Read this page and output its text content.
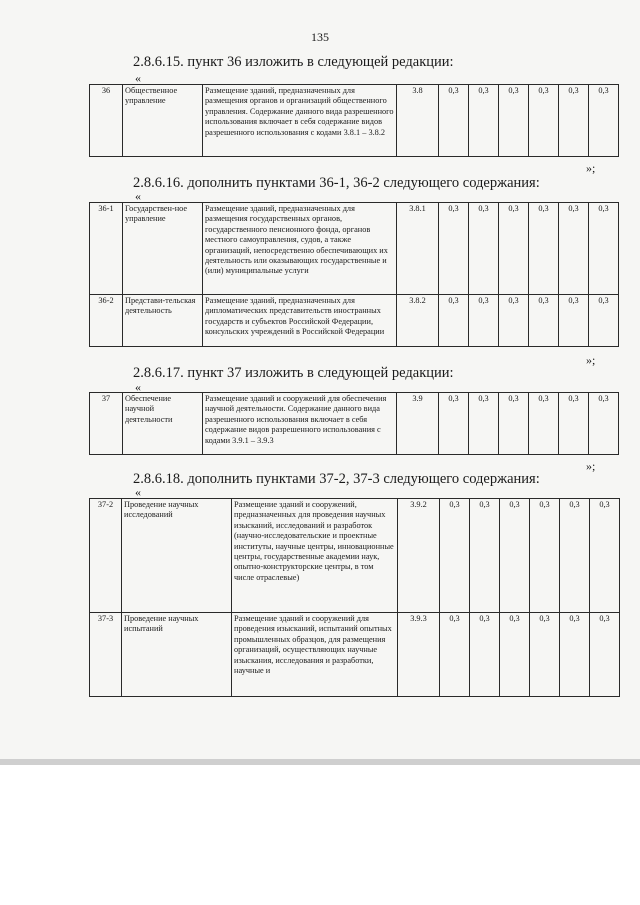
135
2.8.6.15. пункт 36 изложить в следующей редакции:
«
36	Общественное управление	Размещение зданий, предназначенных для размещения органов и организаций общественного управления. Содержание данного вида разрешенного использования включает в себя содержание видов разрешенного использования с кодами 3.8.1 – 3.8.2	3.8	0,3	0,3	0,3	0,3	0,3	0,3
»;
2.8.6.16. дополнить пунктами 36-1, 36-2 следующего содержания:
«
36-1	Государствен-ное управление	Размещение зданий, предназначенных для размещения государственных органов, государственного пенсионного фонда, органов местного самоуправления, судов, а также организаций, непосредственно обеспечивающих их деятельность или оказывающих государственные и (или) муниципальные услуги	3.8.1	0,3	0,3	0,3	0,3	0,3	0,3
36-2	Представи-тельская деятельность	Размещение зданий, предназначенных для дипломатических представительств иностранных государств и субъектов Российской Федерации, консульских учреждений в Российской Федерации	3.8.2	0,3	0,3	0,3	0,3	0,3	0,3
»;
2.8.6.17. пункт 37 изложить в следующей редакции:
«
37	Обеспечение научной деятельности	Размещение зданий и сооружений для обеспечения научной деятельности. Содержание данного вида разрешенного использования включает в себя содержание видов разрешенного использования с кодами 3.9.1 – 3.9.3	3.9	0,3	0,3	0,3	0,3	0,3	0,3
»;
2.8.6.18. дополнить пунктами 37-2, 37-3 следующего содержания:
«
37-2	Проведение научных исследований	Размещение зданий и сооружений, предназначенных для проведения научных изысканий, исследований и разработок (научно-исследовательские и проектные институты, научные центры, инновационные центры, государственные академии наук, опытно-конструкторские центры, в том числе отраслевые)	3.9.2	0,3	0,3	0,3	0,3	0,3	0,3
37-3	Проведение научных испытаний	Размещение зданий и сооружений для проведения изысканий, испытаний опытных промышленных образцов, для размещения организаций, осуществляющих научные изыскания, исследования и разработки, научные и	3.9.3	0,3	0,3	0,3	0,3	0,3	0,3
